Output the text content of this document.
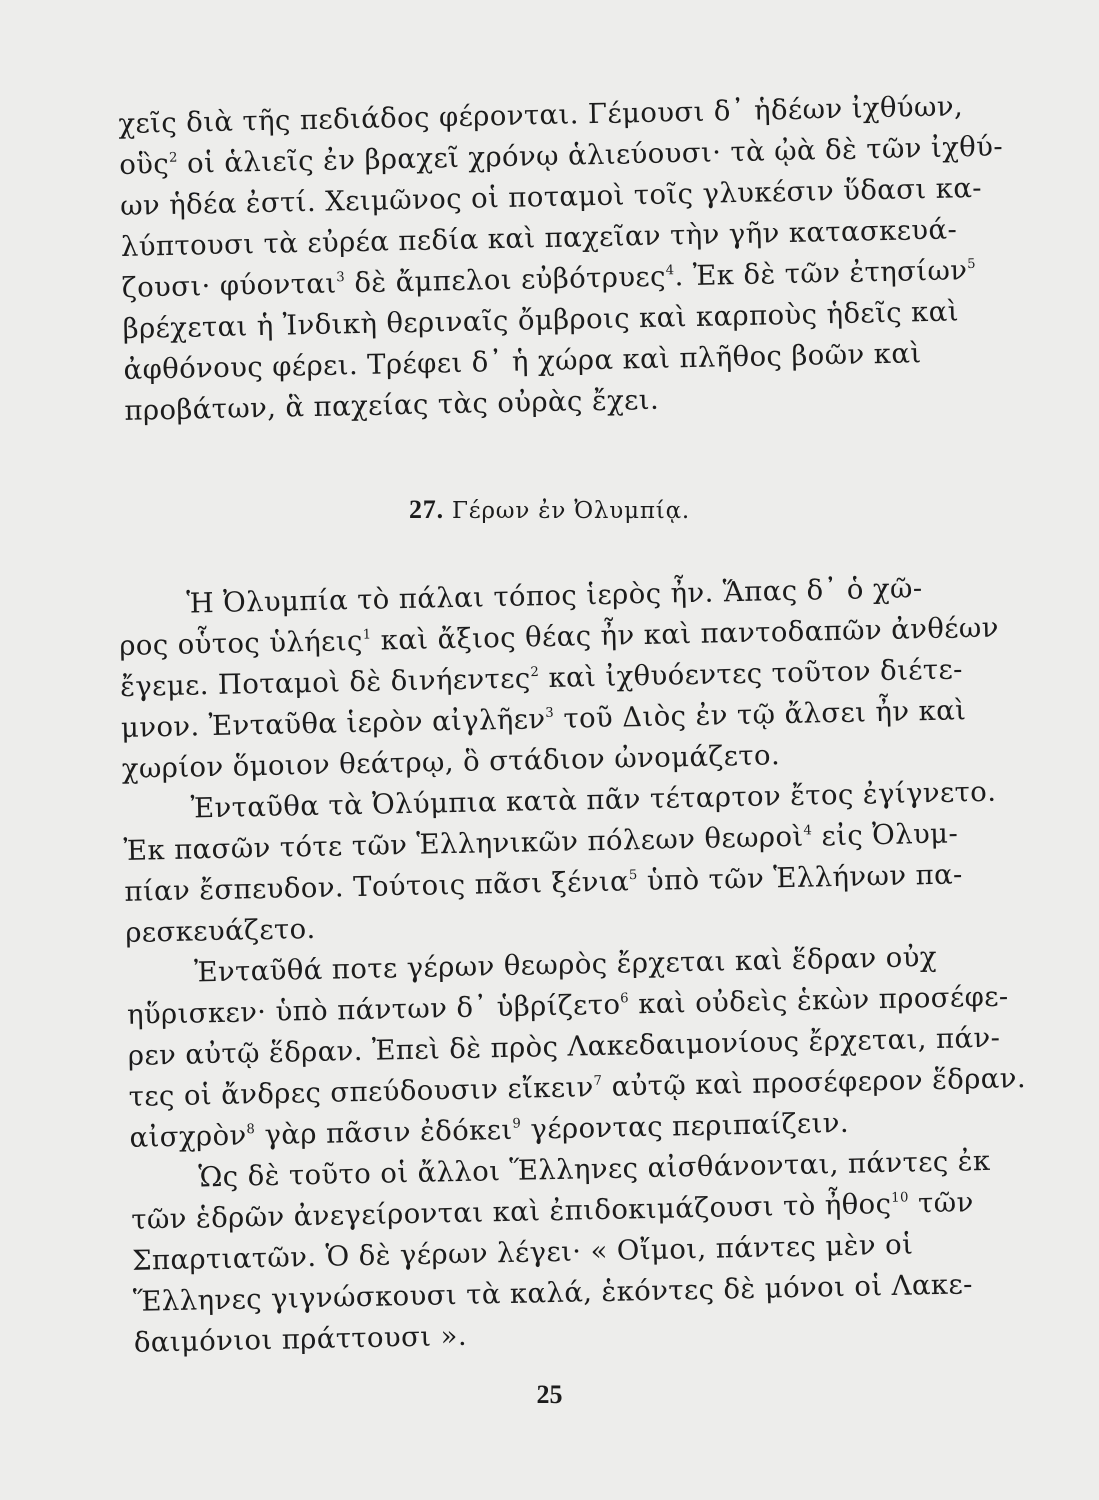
χεῖς διὰ τῆς πεδιάδος φέρονται. Γέμουσι δ᾿ ἡδέων ἰχθύων,
οὓς$^2$ οἱ ἁλιεῖς ἐν βραχεῖ χρόνῳ ἁλιεύουσι· τὰ ᾠὰ δὲ τῶν ἰχθύ-
ων ἡδέα ἐστί. Χειμῶνος οἱ ποταμοὶ τοῖς γλυκέσιν ὕδασι κα-
λύπτουσι τὰ εὐρέα πεδία καὶ παχεῖαν τὴν γῆν κατασκευά-
ζουσι· φύονται$^3$ δὲ ἄμπελοι εὐβότρυες$^4$. Ἐκ δὲ τῶν ἐτησίων$^5$
βρέχεται ἡ Ἰνδικὴ θεριναῖς ὄμβροις καὶ καρποὺς ἡδεῖς καὶ
ἀφθόνους φέρει. Τρέφει δ᾿ ἡ χώρα καὶ πλῆθος βοῶν καὶ
προβάτων, ἃ παχείας τὰς οὐρὰς ἔχει.
27. Γέρων ἐν Ὀλυμπίᾳ.
Ἡ Ὀλυμπία τὸ πάλαι τόπος ἱερὸς ἦν. Ἅπας δ᾿ ὁ χῶ-
ρος οὗτος ὑλήεις$^1$ καὶ ἄξιος θέας ἦν καὶ παντοδαπῶν ἀνθέων
ἔγεμε. Ποταμοὶ δὲ δινήεντες$^2$ καὶ ἰχθυόεντες τοῦτον διέτε-
μνον. Ἐνταῦθα ἱερὸν αἰγλῆεν$^3$ τοῦ Διὸς ἐν τῷ ἄλσει ἦν καὶ
χωρίον ὅμοιον θεάτρῳ, ὃ στάδιον ὠνομάζετο.
Ἐνταῦθα τὰ Ὀλύμπια κατὰ πᾶν τέταρτον ἔτος ἐγίγνετο.
Ἐκ πασῶν τότε τῶν Ἑλληνικῶν πόλεων θεωροὶ$^4$ εἰς Ὀλυμ-
πίαν ἔσπευδον. Τούτοις πᾶσι ξένια$^5$ ὑπὸ τῶν Ἑλλήνων πα-
ρεσκευάζετο.
Ἐνταῦθά ποτε γέρων θεωρὸς ἔρχεται καὶ ἕδραν οὐχ
ηὕρισκεν· ὑπὸ πάντων δ᾿ ὑβρίζετο$^6$ καὶ οὐδεὶς ἑκὼν προσέφε-
ρεν αὐτῷ ἕδραν. Ἐπεὶ δὲ πρὸς Λακεδαιμονίους ἔρχεται, πάν-
τες οἱ ἄνδρες σπεύδουσιν εἴκειν$^7$ αὐτῷ καὶ προσέφερον ἕδραν.
αἰσχρὸν$^8$ γὰρ πᾶσιν ἐδόκει$^9$ γέροντας περιπαίζειν.
Ὡς δὲ τοῦτο οἱ ἄλλοι Ἕλληνες αἰσθάνονται, πάντες ἐκ
τῶν ἑδρῶν ἀνεγείρονται καὶ ἐπιδοκιμάζουσι τὸ ἦθος$^{10}$ τῶν
Σπαρτιατῶν. Ὁ δὲ γέρων λέγει· « Οἴμοι, πάντες μὲν οἱ
Ἕλληνες γιγνώσκουσι τὰ καλά, ἑκόντες δὲ μόνοι οἱ Λακε-
δαιμόνιοι πράττουσι ».
25
